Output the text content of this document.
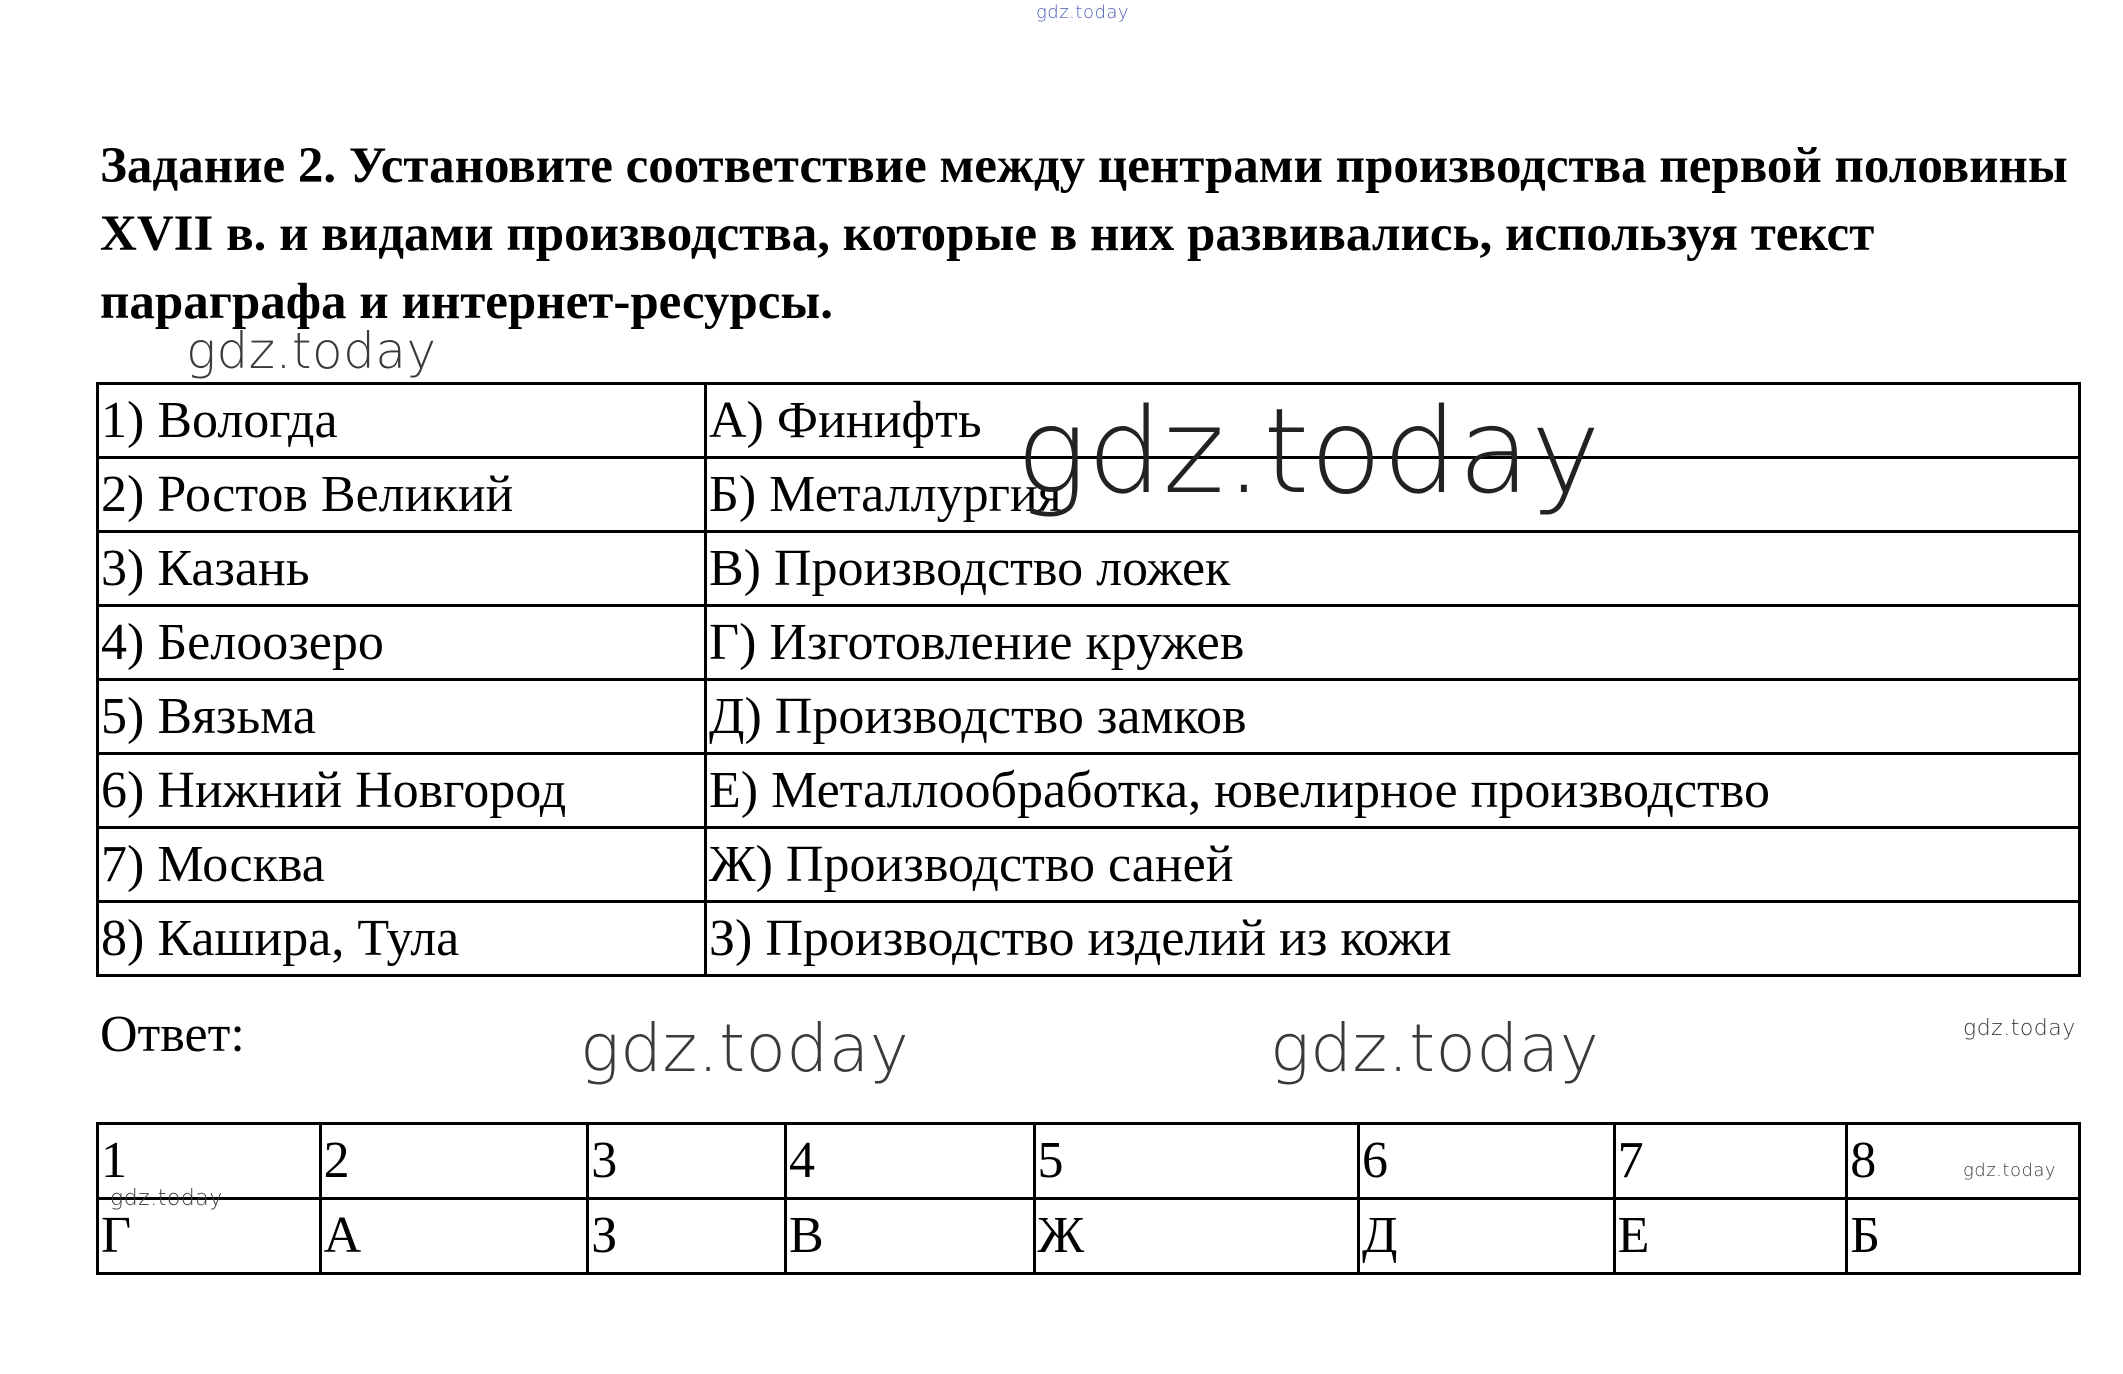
gdz.today
gdz.today

Задание 2. Установите соответствие между центрами производства первой половины XVII в. и видами производства, которые в них развивались, используя текст параграфа и интернет-ресурсы.

1) Вологда	А) Финифть
2) Ростов Великий	Б) Металлургия
3) Казань	В) Производство ложек
4) Белоозеро	Г) Изготовление кружев
5) Вязьма	Д) Производство замков
6) Нижний Новгород	Е) Металлообработка, ювелирное производство
7) Москва	Ж) Производство саней
8) Кашира, Тула	З) Производство изделий из кожи
gdz.today

Ответ:	gdz.today	gdz.today	gdz.today
1	2	3	4	5	6	7	8
Г	А	З	В	Ж	Д	Е	Б
gdz.today
gdz.today
